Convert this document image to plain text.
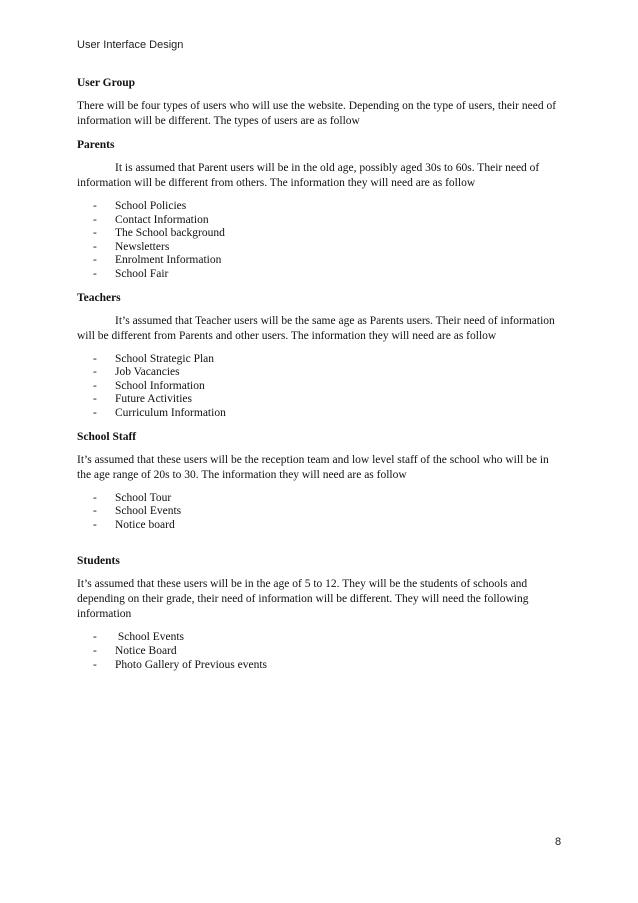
User Interface Design

User Group

There will be four types of users who will use the website. Depending on the type of users, their need of information will be different. The types of users are as follow

Parents

It is assumed that Parent users will be in the old age, possibly aged 30s to 60s. Their need of information will be different from others. The information they will need are as follow

-	School Policies
-	Contact Information
-	The School background
-	Newsletters
-	Enrolment Information
-	School Fair

Teachers

It’s assumed that Teacher users will be the same age as Parents users. Their need of information will be different from Parents and other users. The information they will need are as follow

-	School Strategic Plan
-	Job Vacancies
-	School Information
-	Future Activities
-	Curriculum Information

School Staff

It’s assumed that these users will be the reception team and low level staff of the school who will be in the age range of 20s to 30. The information they will need are as follow

-	School Tour
-	School Events
-	Notice board

Students

It’s assumed that these users will be in the age of 5 to 12. They will be the students of schools and depending on their grade, their need of information will be different. They will need the following information

-	School Events
-	Notice Board
-	Photo Gallery of Previous events
8
